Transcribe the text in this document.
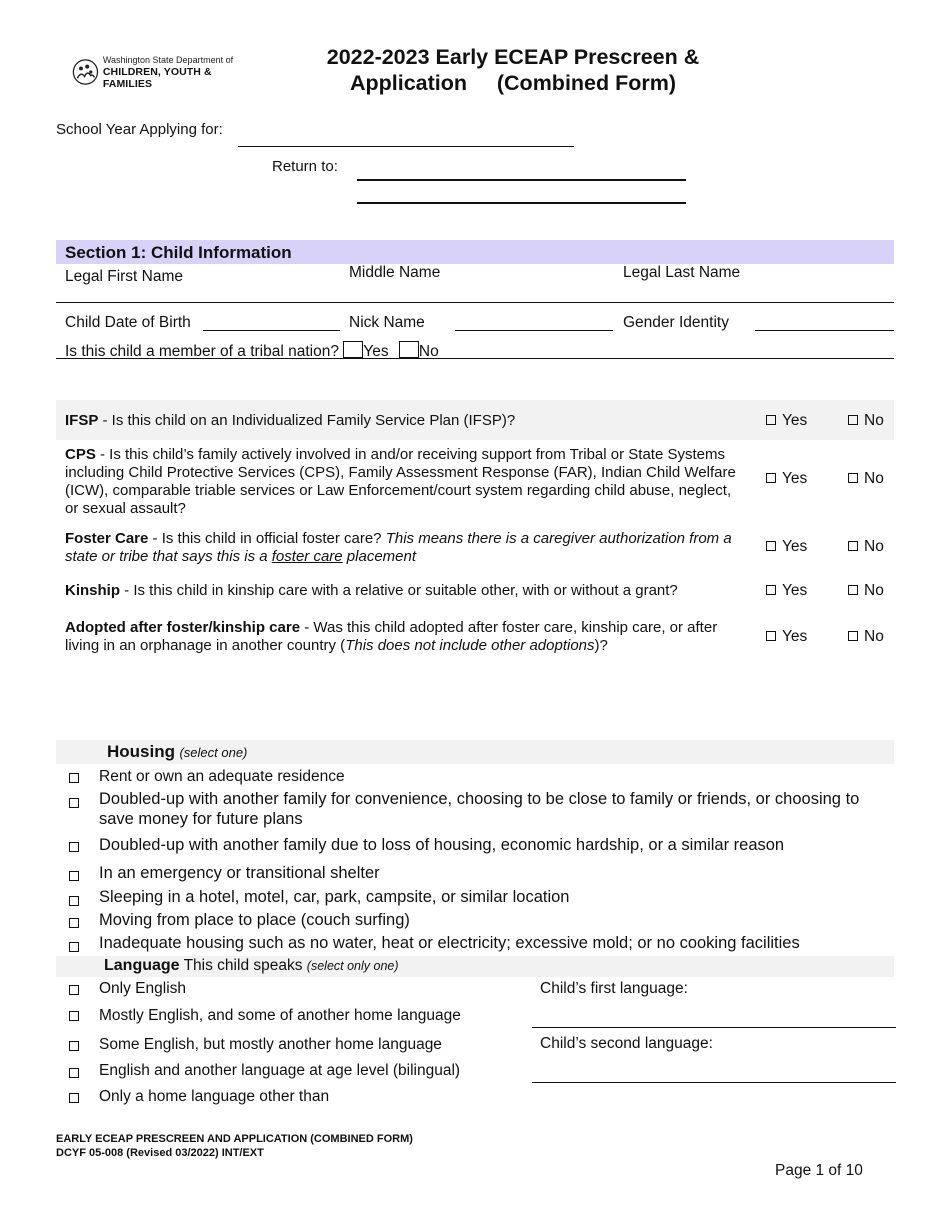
Washington State Department of
CHILDREN, YOUTH & FAMILIES
2022-2023 Early ECEAP Prescreen &
Application     (Combined Form)
School Year Applying for:
Return to:
Section 1: Child Information
Legal First Name	Middle Name	Legal Last Name
Child Date of Birth	Nick Name	Gender Identity
Is this child a member of a tribal nation? Yes No
IFSP - Is this child on an Individualized Family Service Plan (IFSP)?	Yes	No
CPS - Is this child’s family actively involved in and/or receiving support from Tribal or State Systems including Child Protective Services (CPS), Family Assessment Response (FAR), Indian Child Welfare (ICW), comparable triable services or Law Enforcement/court system regarding child abuse, neglect, or sexual assault?
Yes	No
Foster Care - Is this child in official foster care? This means there is a caregiver authorization from a state or tribe that says this is a foster care placement
Yes	No
Kinship - Is this child in kinship care with a relative or suitable other, with or without a grant?	Yes	No
Adopted after foster/kinship care - Was this child adopted after foster care, kinship care, or after living in an orphanage in another country (This does not include other adoptions)?
Yes	No
Housing (select one)
Rent or own an adequate residence
Doubled-up with another family for convenience, choosing to be close to family or friends, or choosing to save money for future plans
Doubled-up with another family due to loss of housing, economic hardship, or a similar reason
In an emergency or transitional shelter
Sleeping in a hotel, motel, car, park, campsite, or similar location
Moving from place to place (couch surfing)
Inadequate housing such as no water, heat or electricity; excessive mold; or no cooking facilities
Language This child speaks (select only one)
Only English
Mostly English, and some of another home language
Some English, but mostly another home language
English and another language at age level (bilingual)
Only a home language other than
Child’s first language:
Child’s second language:
EARLY ECEAP PRESCREEN AND APPLICATION (COMBINED FORM)
DCYF 05-008 (Revised 03/2022) INT/EXT
Page 1 of 10
